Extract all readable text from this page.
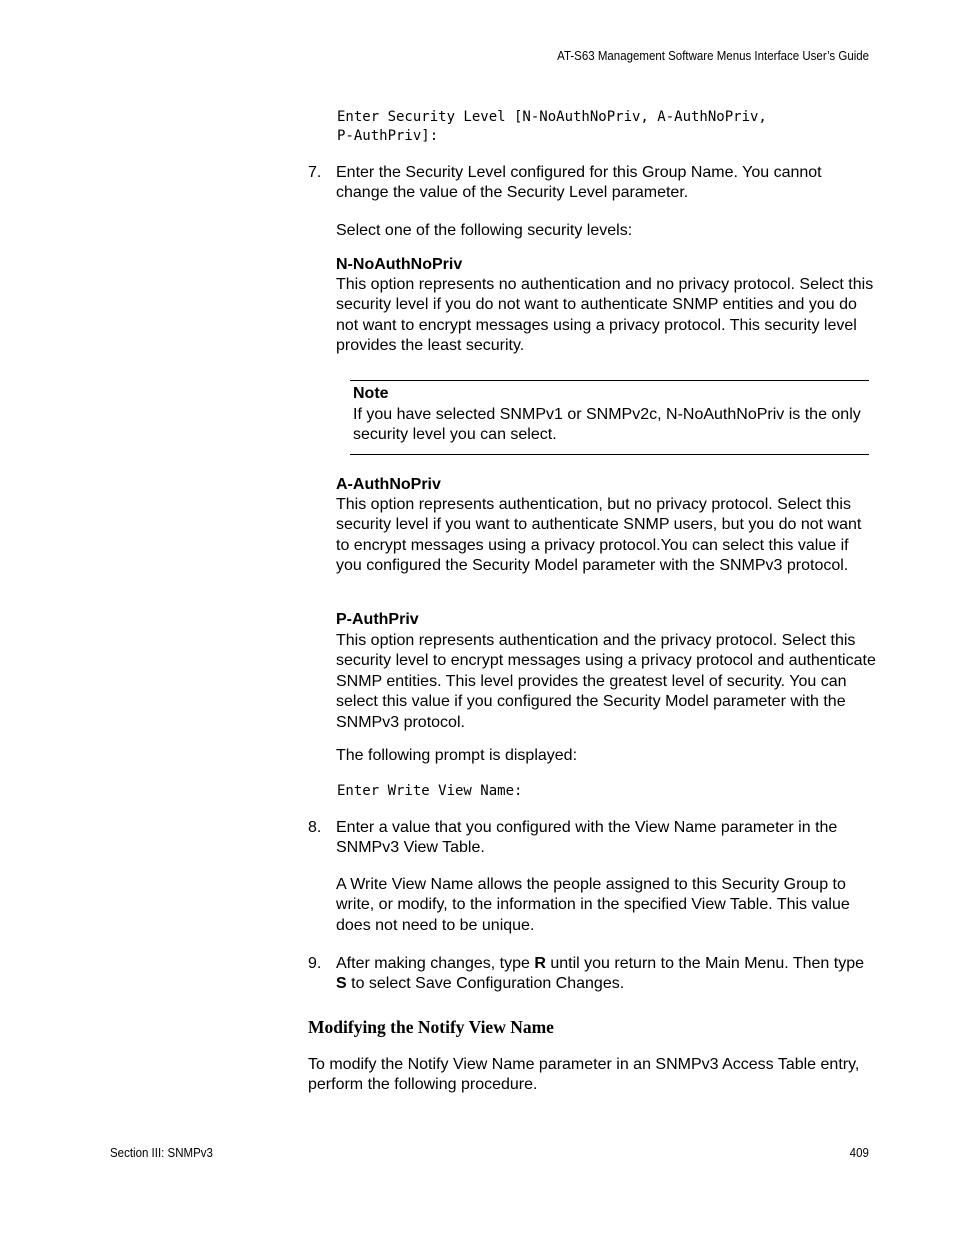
AT-S63 Management Software Menus Interface User’s Guide
Enter Security Level [N-NoAuthNoPriv, A-AuthNoPriv,
P-AuthPriv]:
7. Enter the Security Level configured for this Group Name. You cannot change the value of the Security Level parameter.
Select one of the following security levels:
N-NoAuthNoPriv
This option represents no authentication and no privacy protocol. Select this security level if you do not want to authenticate SNMP entities and you do not want to encrypt messages using a privacy protocol. This security level provides the least security.
Note
If you have selected SNMPv1 or SNMPv2c, N-NoAuthNoPriv is the only security level you can select.
A-AuthNoPriv
This option represents authentication, but no privacy protocol. Select this security level if you want to authenticate SNMP users, but you do not want to encrypt messages using a privacy protocol.You can select this value if you configured the Security Model parameter with the SNMPv3 protocol.
P-AuthPriv
This option represents authentication and the privacy protocol. Select this security level to encrypt messages using a privacy protocol and authenticate SNMP entities. This level provides the greatest level of security. You can select this value if you configured the Security Model parameter with the SNMPv3 protocol.
The following prompt is displayed:
Enter Write View Name:
8. Enter a value that you configured with the View Name parameter in the SNMPv3 View Table.
A Write View Name allows the people assigned to this Security Group to write, or modify, to the information in the specified View Table. This value does not need to be unique.
9. After making changes, type R until you return to the Main Menu. Then type S to select Save Configuration Changes.
Modifying the Notify View Name
To modify the Notify View Name parameter in an SNMPv3 Access Table entry, perform the following procedure.
Section III: SNMPv3	409
